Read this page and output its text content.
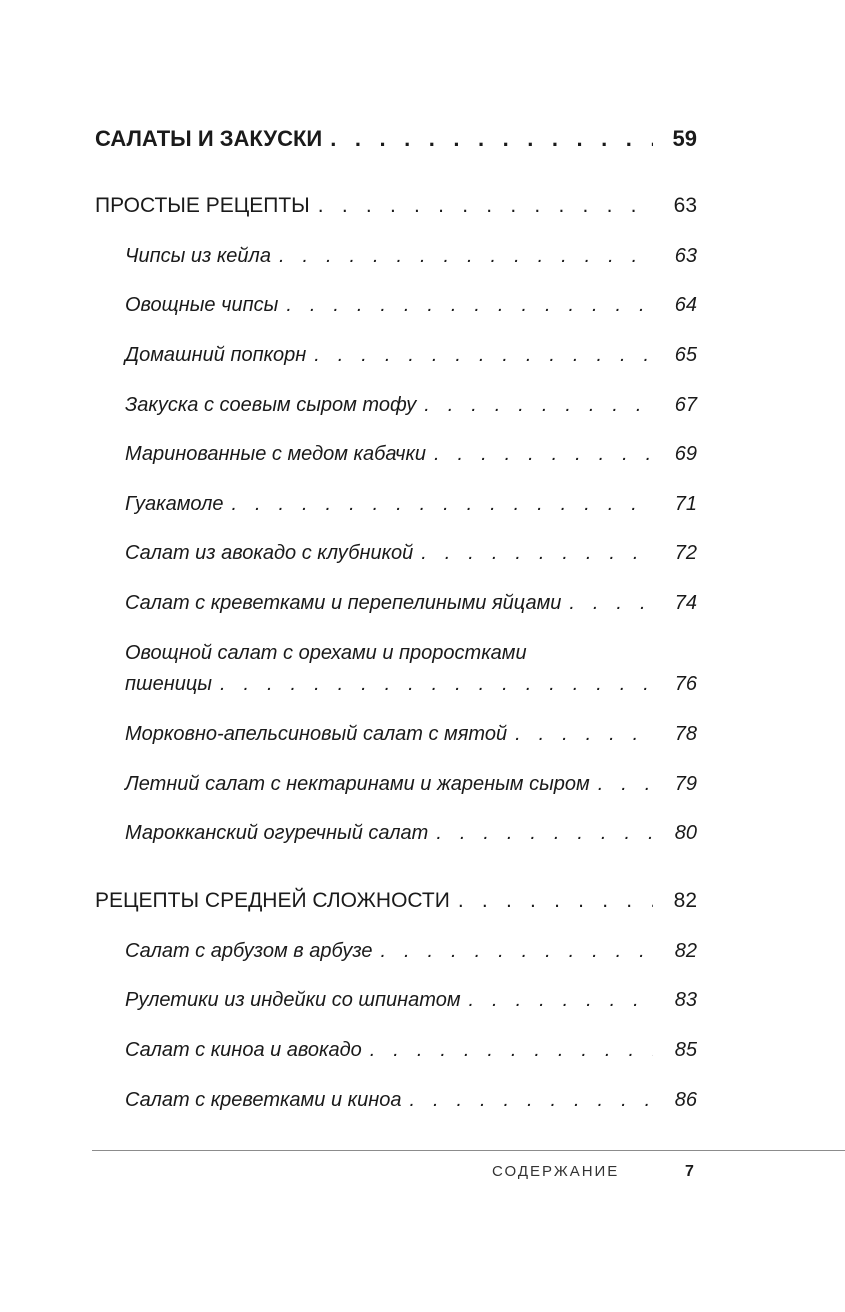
САЛАТЫ И ЗАКУСКИ . . .	59
ПРОСТЫЕ РЕЦЕПТЫ . . .	63
Чипсы из кейла . . .	63
Овощные чипсы . . .	64
Домашний попкорн . . .	65
Закуска с соевым сыром тофу . . .	67
Маринованные с медом кабачки . . .	69
Гуакамоле . . .	71
Салат из авокадо с клубникой . . .	72
Салат с креветками и перепелиными яйцами . . .	74
Овощной салат с орехами и проростками
пшеницы . . .	76
Морковно-апельсиновый салат с мятой . . .	78
Летний салат с нектаринами и жареным сыром . . .	79
Марокканский огуречный салат . . .	80
РЕЦЕПТЫ СРЕДНЕЙ СЛОЖНОСТИ . . .	82
Салат с арбузом в арбузе . . .	82
Рулетики из индейки со шпинатом . . .	83
Салат с киноа и авокадо . . .	85
Салат с креветками и киноа . . .	86
СОДЕРЖАНИЕ	7
